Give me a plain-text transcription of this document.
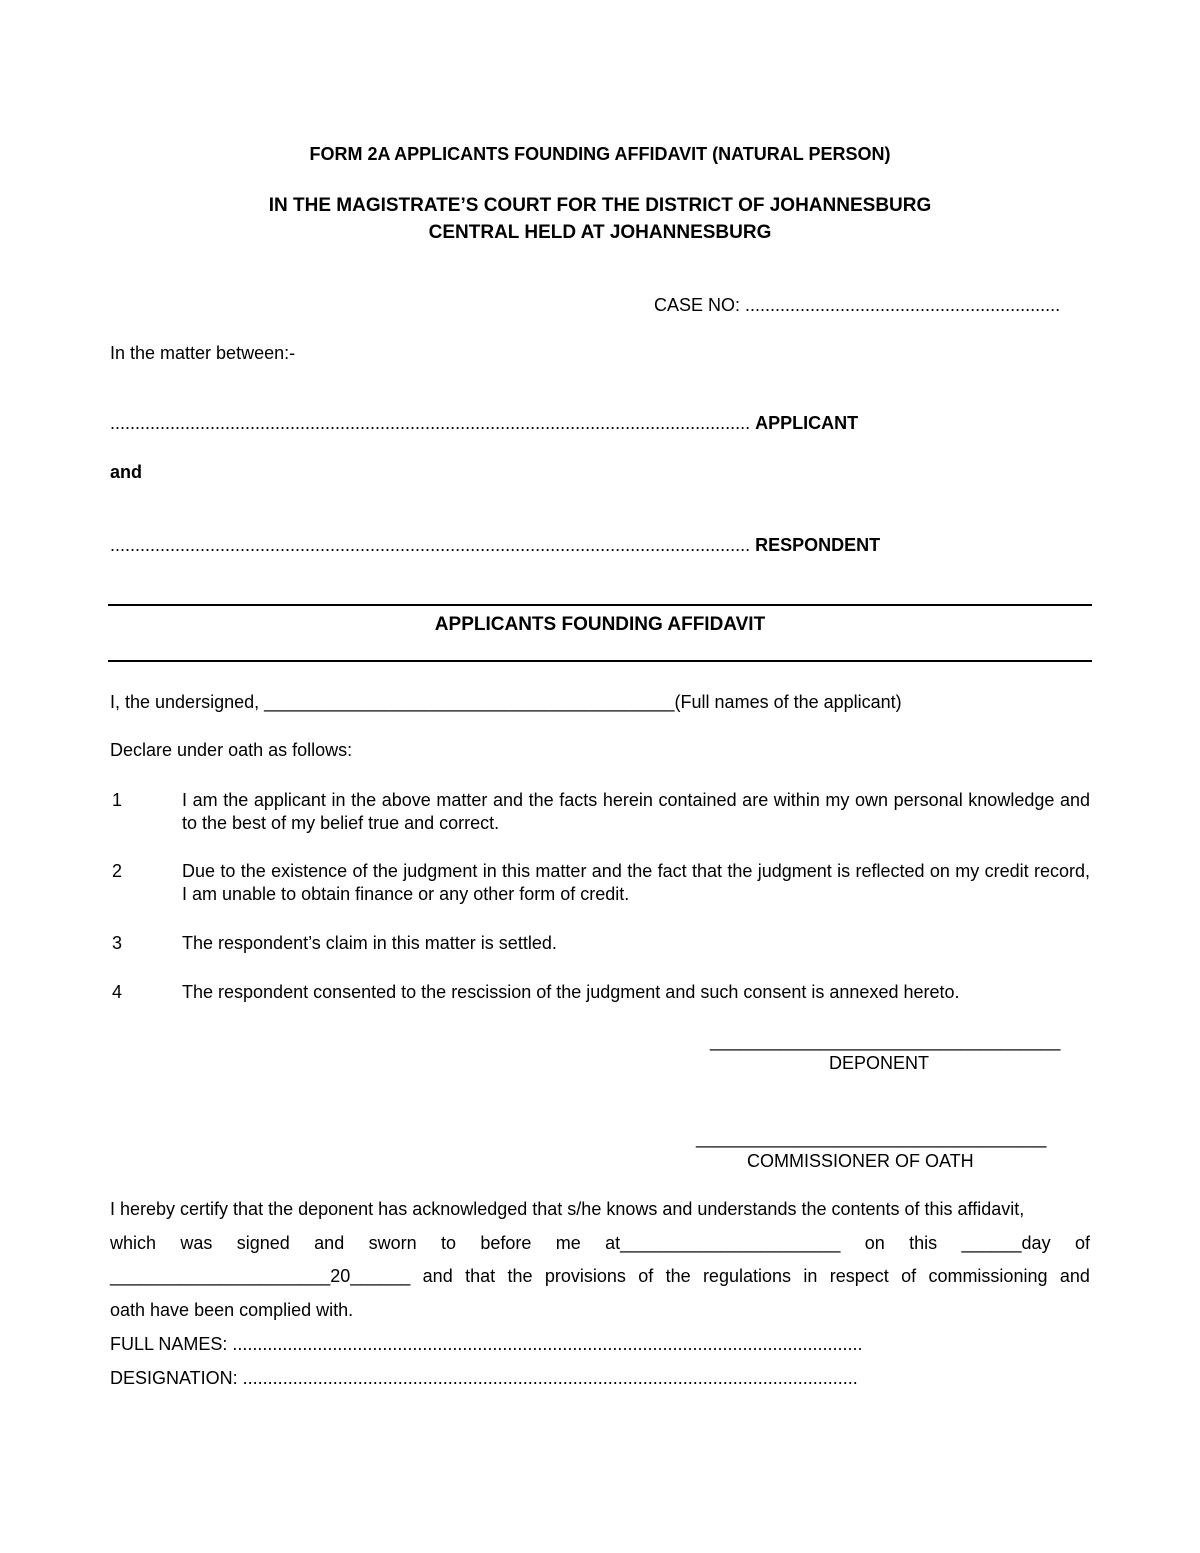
FORM 2A APPLICANTS FOUNDING AFFIDAVIT (NATURAL PERSON)
IN THE MAGISTRATE’S COURT FOR THE DISTRICT OF JOHANNESBURG
CENTRAL HELD AT JOHANNESBURG
CASE NO: ...............................................................
In the matter between:-
................................................................................................................................ APPLICANT
and
................................................................................................................................ RESPONDENT
APPLICANTS FOUNDING AFFIDAVIT
I, the undersigned, _________________________________________(Full names of the applicant)
Declare under oath as follows:
1	I am the applicant in the above matter and the facts herein contained are within my own personal knowledge and to the best of my belief true and correct.
2	Due to the existence of the judgment in this matter and the fact that the judgment is reflected on my credit record, I am unable to obtain finance or any other form of credit.
3	The respondent’s claim in this matter is settled.
4	The respondent consented to the rescission of the judgment and such consent is annexed hereto.
___________________________________
DEPONENT
___________________________________
COMMISSIONER OF OATH
I hereby certify that the deponent has acknowledged that s/he knows and understands the contents of this affidavit,
which was signed and sworn to before me at______________________ on this ______day of
______________________20______ and that the provisions of the regulations in respect of commissioning and
oath have been complied with.
FULL NAMES: ..............................................................................................................................
DESIGNATION: ...........................................................................................................................
